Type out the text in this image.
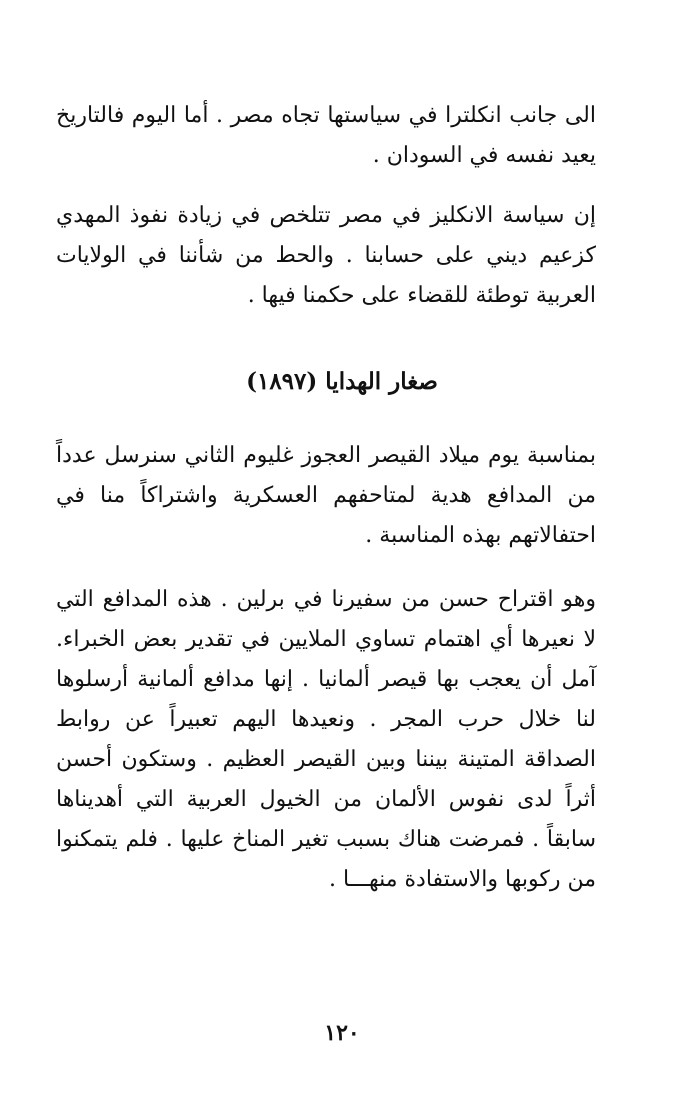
الى جانب انكلترا في سياستها تجاه مصر . أما اليوم فالتاريخ يعيد نفسه في السودان .

إن سياسة الانكليز في مصر تتلخص في زيادة نفوذ المهدي كزعيم ديني على حسابنا . والحط من شأننا في الولايات العربية توطئة للقضاء على حكمنا فيها .

صغار الهدايا (١٨٩٧)

بمناسبة يوم ميلاد القيصر العجوز غليوم الثاني سنرسل عدداً من المدافع هدية لمتاحفهم العسكرية واشتراكاً منا في احتفالاتهم بهذه المناسبة .

وهو اقتراح حسن من سفيرنا في برلين . هذه المدافع التي لا نعيرها أي اهتمام تساوي الملايين في تقدير بعض الخبراء. آمل أن يعجب بها قيصر ألمانيا . إنها مدافع ألمانية أرسلوها لنا خلال حرب المجر . ونعيدها اليهم تعبيراً عن روابط الصداقة المتينة بيننا وبين القيصر العظيم . وستكون أحسن أثراً لدى نفوس الألمان من الخيول العربية التي أهديناها سابقاً . فمرضت هناك بسبب تغير المناخ عليها . فلم يتمكنوا من ركوبها والاستفادة منهـــا .

١٢٠
